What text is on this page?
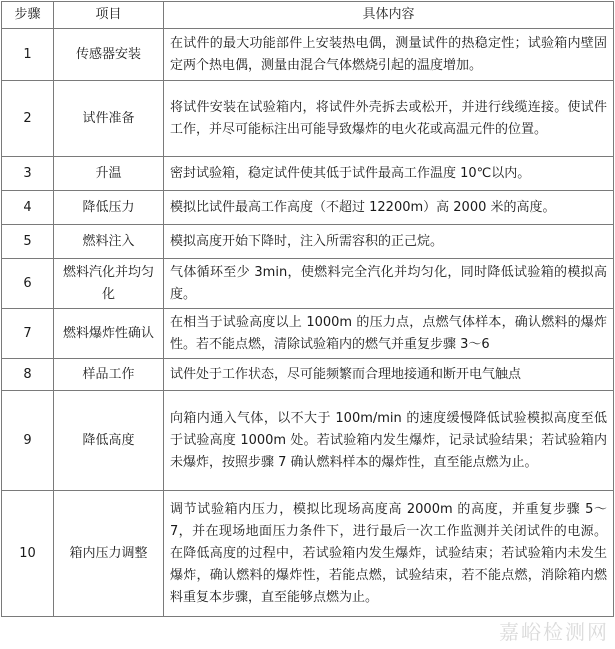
步骤	项目	具体内容
1	传感器安装	在试件的最大功能部件上安装热电偶，测量试件的热稳定性；试验箱内壁固定两个热电偶，测量由混合气体燃烧引起的温度增加。
2	试件准备	将试件安装在试验箱内，将试件外壳拆去或松开，并进行线缆连接。使试件工作，并尽可能标注出可能导致爆炸的电火花或高温元件的位置。
3	升温	密封试验箱，稳定试件使其低于试件最高工作温度 10℃以内。
4	降低压力	模拟比试件最高工作高度（不超过 12200m）高 2000 米的高度。
5	燃料注入	模拟高度开始下降时，注入所需容积的正己烷。
6	燃料汽化并均匀化	气体循环至少 3min，使燃料完全汽化并均匀化，同时降低试验箱的模拟高度。
7	燃料爆炸性确认	在相当于试验高度以上 1000m 的压力点，点燃气体样本，确认燃料的爆炸性。若不能点燃，清除试验箱内的燃气并重复步骤 3～6
8	样品工作	试件处于工作状态，尽可能频繁而合理地接通和断开电气触点
9	降低高度	向箱内通入气体，以不大于 100m/min 的速度缓慢降低试验模拟高度至低于试验高度 1000m 处。若试验箱内发生爆炸，记录试验结果；若试验箱内未爆炸，按照步骤 7 确认燃料样本的爆炸性，直至能点燃为止。
10	箱内压力调整	调节试验箱内压力，模拟比现场高度高 2000m 的高度，并重复步骤 5～7，并在现场地面压力条件下，进行最后一次工作监测并关闭试件的电源。在降低高度的过程中，若试验箱内发生爆炸，试验结束；若试验箱内未发生爆炸，确认燃料的爆炸性，若能点燃，试验结束，若不能点燃，消除箱内燃料重复本步骤，直至能够点燃为止。
嘉峪检测网
